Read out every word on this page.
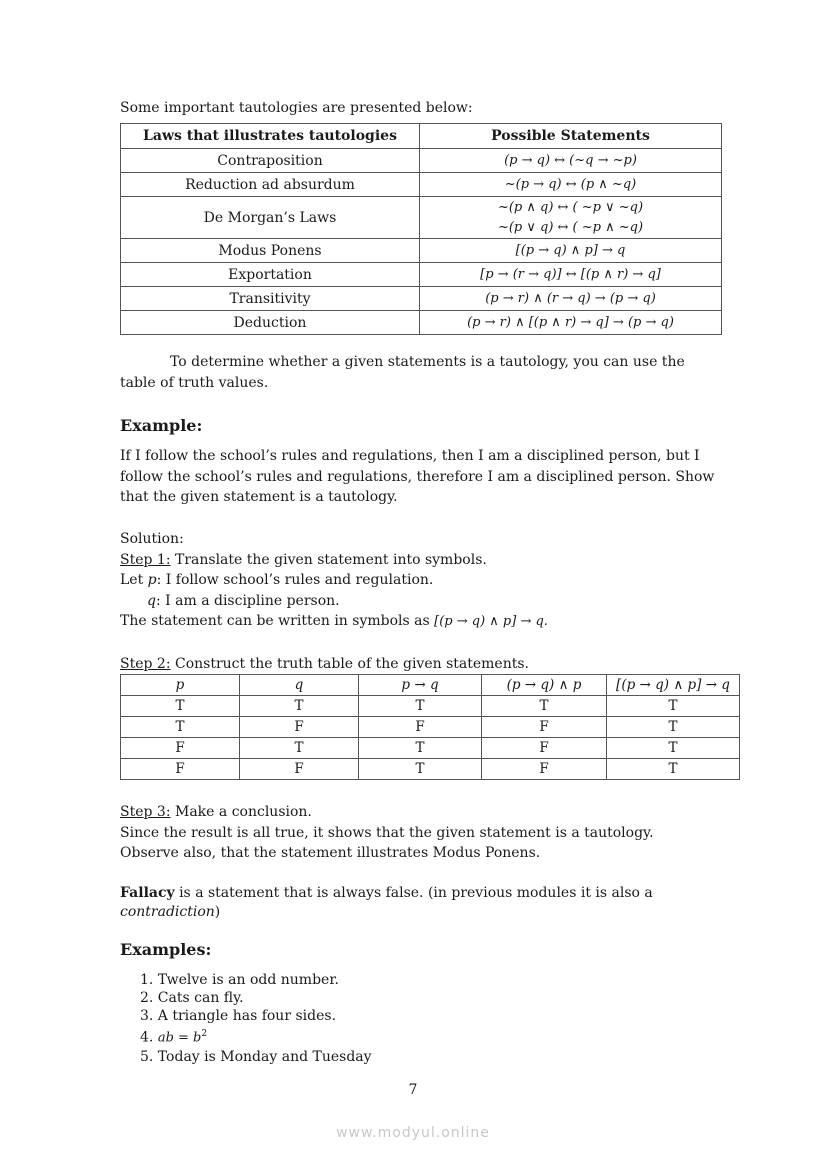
Some important tautologies are presented below:
Laws that illustrates tautologies	Possible Statements
Contraposition	(p → q) ↔ (~q → ~p)
Reduction ad absurdum	~(p → q) ↔ (p ∧ ~q)
De Morgan’s Laws	~(p ∧ q) ↔ ( ~p ∨ ~q)
~(p ∨ q) ↔ ( ~p ∧ ~q)

Modus Ponens	[(p → q) ∧ p] → q
Exportation	[p → (r → q)] ↔ [(p ∧ r) → q]
Transitivity	(p → r) ∧ (r → q) → (p → q)
Deduction	(p → r) ∧ [(p ∧ r) → q] → (p → q)
To determine whether a given statements is a tautology, you can use the
table of truth values.
Example:
If I follow the school’s rules and regulations, then I am a disciplined person, but I follow the school’s rules and regulations, therefore I am a disciplined person. Show that the given statement is a tautology.
Solution:
Step 1: Translate the given statement into symbols.
Let p: I follow school’s rules and regulation.
q: I am a discipline person.
The statement can be written in symbols as [(p → q) ∧ p] → q.
Step 2: Construct the truth table of the given statements.
p	q	p → q	(p → q) ∧ p	[(p → q) ∧ p] → q
T	T	T	T	T
T	F	F	F	T
F	T	T	F	T
F	F	T	F	T
Step 3: Make a conclusion.
Since the result is all true, it shows that the given statement is a tautology.
Observe also, that the statement illustrates Modus Ponens.
Fallacy is a statement that is always false. (in previous modules it is also a
contradiction)
Examples:
1. Twelve is an odd number.
2. Cats can fly.
3. A triangle has four sides.
4. ab = $b^2$
5. Today is Monday and Tuesday
7
www.modyul.online
